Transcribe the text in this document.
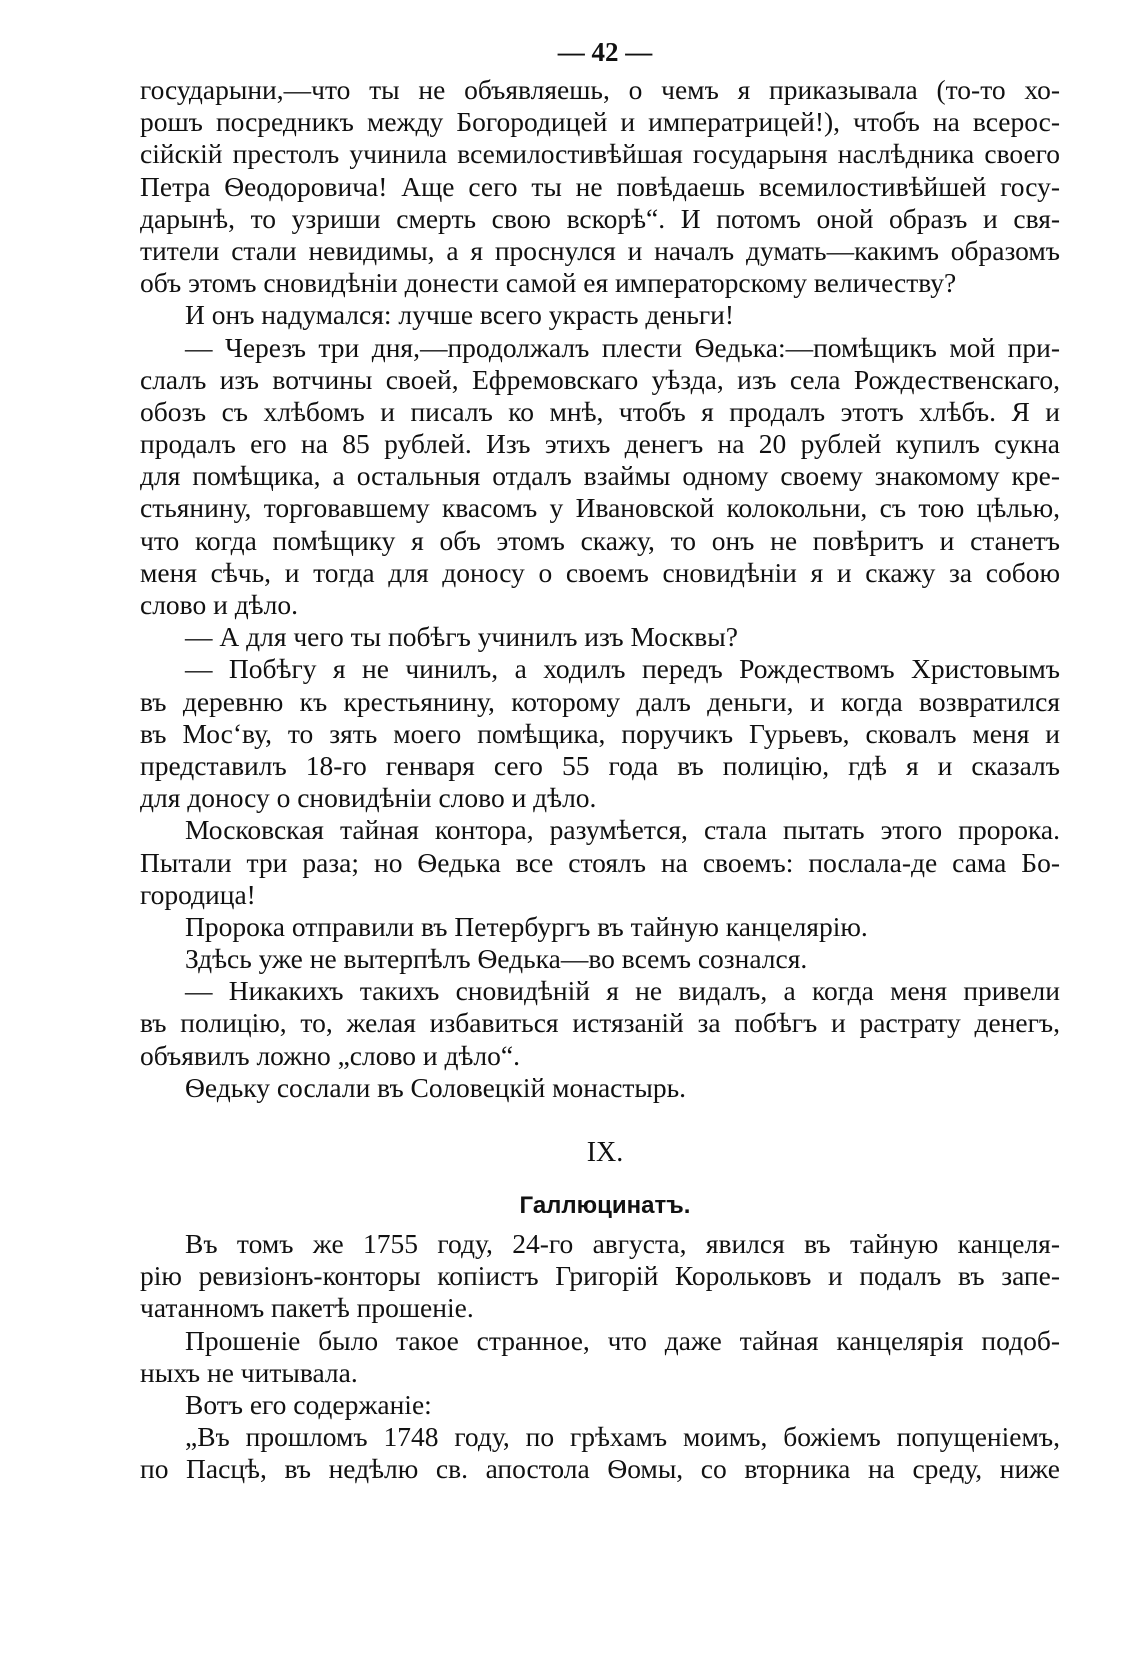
— 42 —
государыни,—что ты не объявляешь, о чемъ я приказывала (то-то хо-
рошъ посредникъ между Богородицей и императрицей!), чтобъ на всерос-
сійскій престолъ учинила всемилостивѣйшая государыня наслѣдника своего
Петра Ѳеодоровича! Аще сего ты не повѣдаешь всемилостивѣйшей госу-
дарынѣ, то узриши смерть свою вскорѣ“. И потомъ оной образъ и свя-
тители стали невидимы, а я проснулся и началъ думать—какимъ образомъ
объ этомъ сновидѣніи донести самой ея императорскому величеству?
И онъ надумался: лучше всего украсть деньги!
— Черезъ три дня,—продолжалъ плести Ѳедька:—помѣщикъ мой при-
слалъ изъ вотчины своей, Ефремовскаго уѣзда, изъ села Рождественскаго,
обозъ съ хлѣбомъ и писалъ ко мнѣ, чтобъ я продалъ этотъ хлѣбъ. Я и
продалъ его на 85 рублей. Изъ этихъ денегъ на 20 рублей купилъ сукна
для помѣщика, а остальныя отдалъ взаймы одному своему знакомому кре-
стьянину, торговавшему квасомъ у Ивановской колокольни, съ тою цѣлью,
что когда помѣщику я объ этомъ скажу, то онъ не повѣритъ и станетъ
меня сѣчь, и тогда для доносу о своемъ сновидѣніи я и скажу за собою
слово и дѣло.
— А для чего ты побѣгъ учинилъ изъ Москвы?
— Побѣгу я не чинилъ, а ходилъ передъ Рождествомъ Христовымъ
въ деревню къ крестьянину, которому далъ деньги, и когда возвратился
въ Мосʻву, то зять моего помѣщика, поручикъ Гурьевъ, сковалъ меня и
представилъ 18-го генваря сего 55 года въ полицію, гдѣ я и сказалъ
для доносу о сновидѣніи слово и дѣло.
Московская тайная контора, разумѣется, стала пытать этого пророка.
Пытали три раза; но Ѳедька все стоялъ на своемъ: послала-де сама Бо-
городица!
Пророка отправили въ Петербургъ въ тайную канцелярію.
Здѣсь уже не вытерпѣлъ Ѳедька—во всемъ сознался.
— Никакихъ такихъ сновидѣній я не видалъ, а когда меня привели
въ полицію, то, желая избавиться истязаній за побѣгъ и растрату денегъ,
объявилъ ложно „слово и дѣло“.
Ѳедьку сослали въ Соловецкій монастырь.
IX.
Галлюцинатъ.
Въ томъ же 1755 году, 24-го августа, явился въ тайную канцеля-
рію ревизіонъ-конторы копіистъ Григорій Корольковъ и подалъ въ запе-
чатанномъ пакетѣ прошеніе.
Прошеніе было такое странное, что даже тайная канцелярія подоб-
ныхъ не читывала.
Вотъ его содержаніе:
„Въ прошломъ 1748 году, по грѣхамъ моимъ, божіемъ попущеніемъ,
по Пасцѣ, въ недѣлю св. апостола Ѳомы, со вторника на среду, ниже
